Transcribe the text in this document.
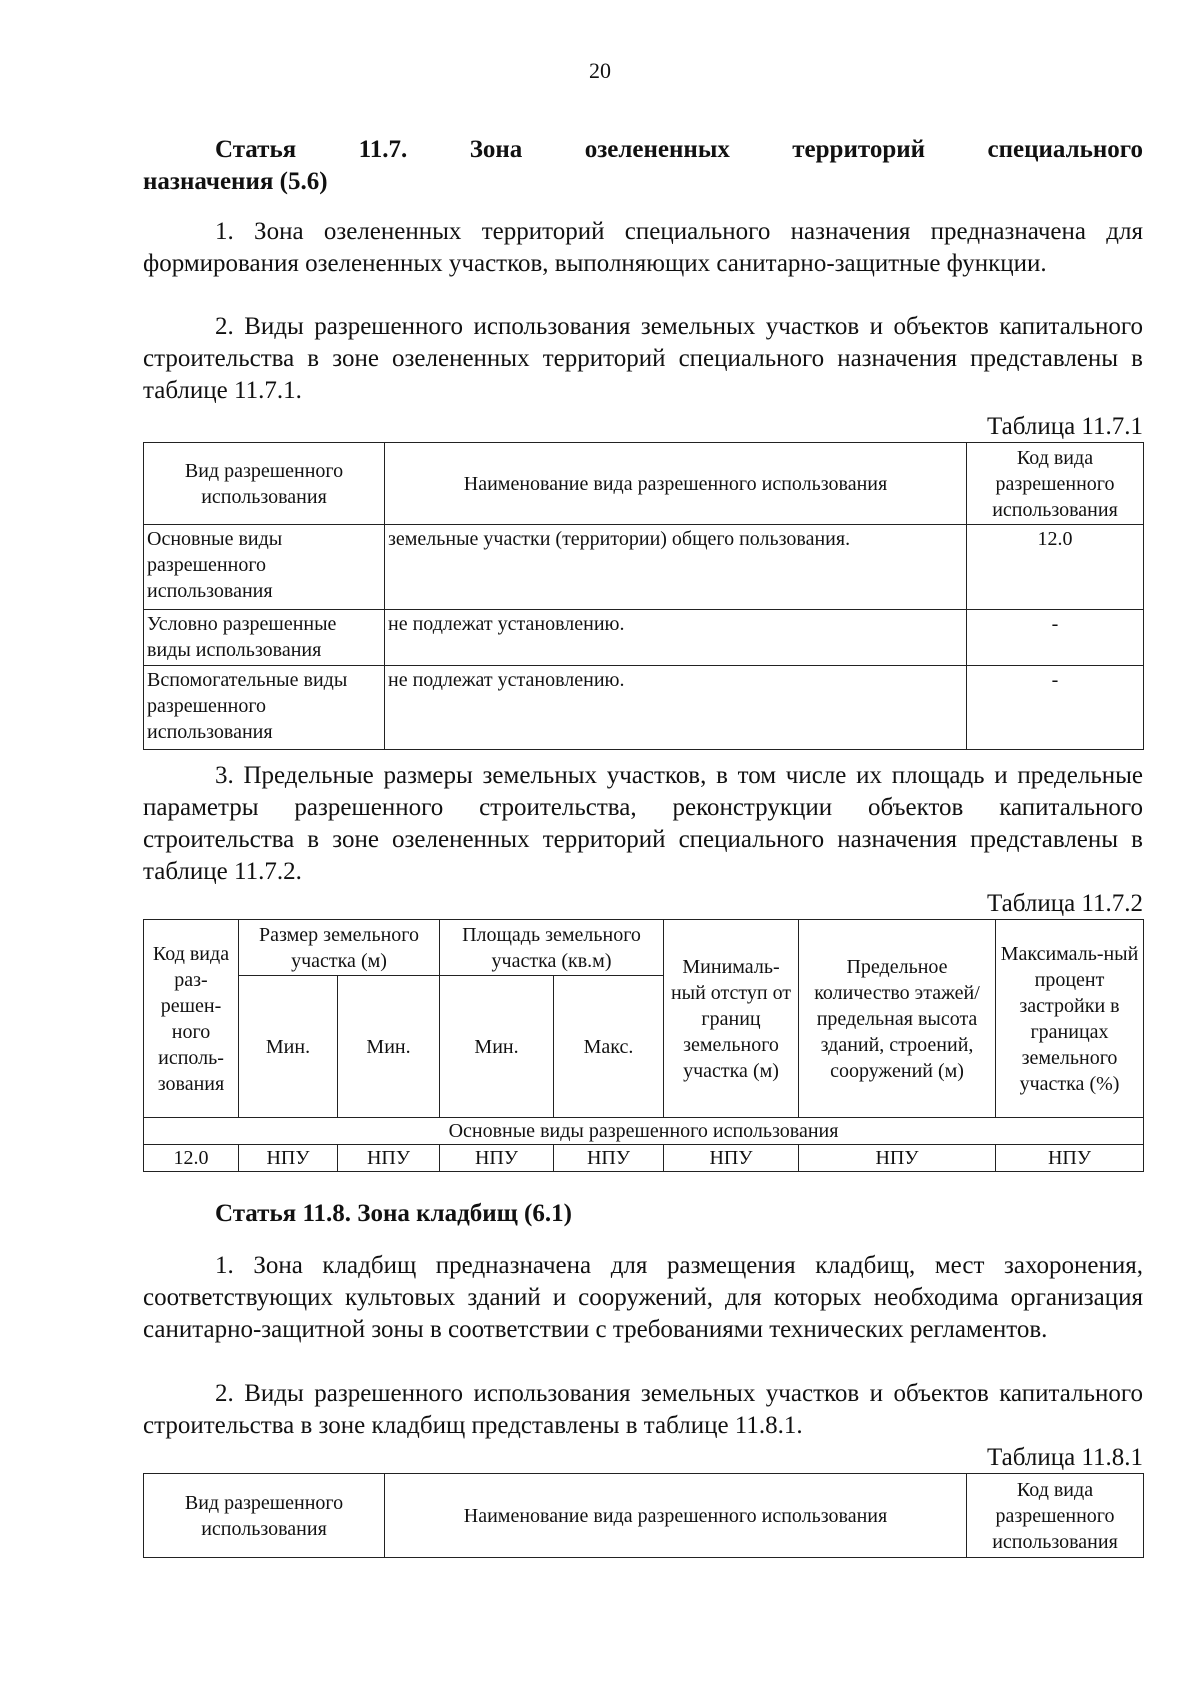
20
Статья 11.7. Зона озелененных территорий специального
назначения (5.6)
1. Зона озелененных территорий специального назначения предназначена для формирования озелененных участков, выполняющих санитарно-защитные функции.
2. Виды разрешенного использования земельных участков и объектов капитального строительства в зоне озелененных территорий специального назначения представлены в таблице 11.7.1.
Таблица 11.7.1
Вид разрешенного использования	Наименование вида разрешенного использования	Код вида разрешенного использования
Основные виды разрешенного использования	земельные участки (территории) общего пользования.	12.0
Условно разрешенные виды использования	не подлежат установлению.	-
Вспомогательные виды разрешенного использования	не подлежат установлению.	-
3. Предельные размеры земельных участков, в том числе их площадь и предельные параметры разрешенного строительства, реконструкции объектов капитального строительства в зоне озелененных территорий специального назначения представлены в таблице 11.7.2.
Таблица 11.7.2
Код вида раз-решен-ного исполь-зования	Размер земельного участка (м)		Площадь земельного участка (кв.м)		Минималь-ный отступ от границ земельного участка (м)	Предельное количество этажей/ предельная высота зданий, строений, сооружений (м)	Максималь-ный процент застройки в границах земельного участка (%)
	Мин.	Мин.	Мин.	Макс.			
Основные виды разрешенного использования							
12.0	НПУ	НПУ	НПУ	НПУ	НПУ	НПУ	НПУ
Статья 11.8. Зона кладбищ (6.1)
1. Зона кладбищ предназначена для размещения кладбищ, мест захоронения, соответствующих культовых зданий и сооружений, для которых необходима организация санитарно-защитной зоны в соответствии с требованиями технических регламентов.
2. Виды разрешенного использования земельных участков и объектов капитального строительства в зоне кладбищ представлены в таблице 11.8.1.
Таблица 11.8.1
Вид разрешенного использования	Наименование вида разрешенного использования	Код вида разрешенного использования
